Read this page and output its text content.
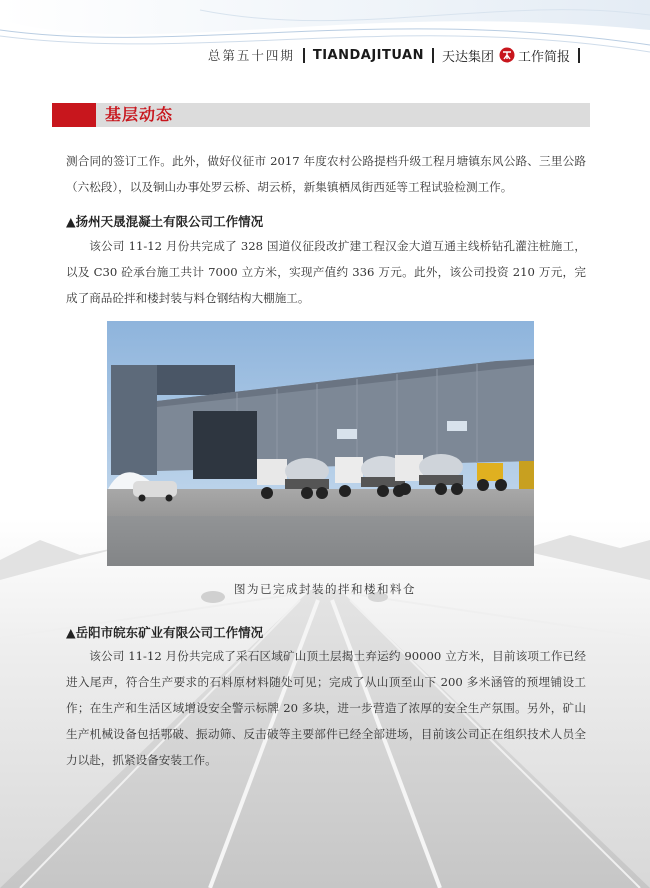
总第五十四期 TIANDAJITUAN 天达集团 工作简报
基层动态
测合同的签订工作。此外，做好仪征市 2017 年度农村公路提档升级工程月塘镇东风公路、三里公路（六松段），以及铜山办事处罗云桥、胡云桥，新集镇栖凤街西延等工程试验检测工作。
▲扬州天晟混凝土有限公司工作情况
该公司 11-12 月份共完成了 328 国道仪征段改扩建工程汉金大道互通主线桥钻孔灌注桩施工，以及 C30 砼承台施工共计 7000 立方米，实现产值约 336 万元。此外，该公司投资 210 万元，完成了商品砼拌和楼封装与料仓钢结构大棚施工。
图为已完成封装的拌和楼和料仓
▲岳阳市皖东矿业有限公司工作情况
该公司 11-12 月份共完成了采石区域矿山顶土层揭土弃运约 90000 立方米，目前该项工作已经进入尾声，符合生产要求的石料原材料随处可见；完成了从山顶至山下 200 多米涵管的预埋铺设工作；在生产和生活区域增设安全警示标牌 20 多块，进一步营造了浓厚的安全生产氛围。另外，矿山生产机械设备包括鄂破、振动筛、反击破等主要部件已经全部进场，目前该公司正在组织技术人员全力以赴，抓紧设备安装工作。
